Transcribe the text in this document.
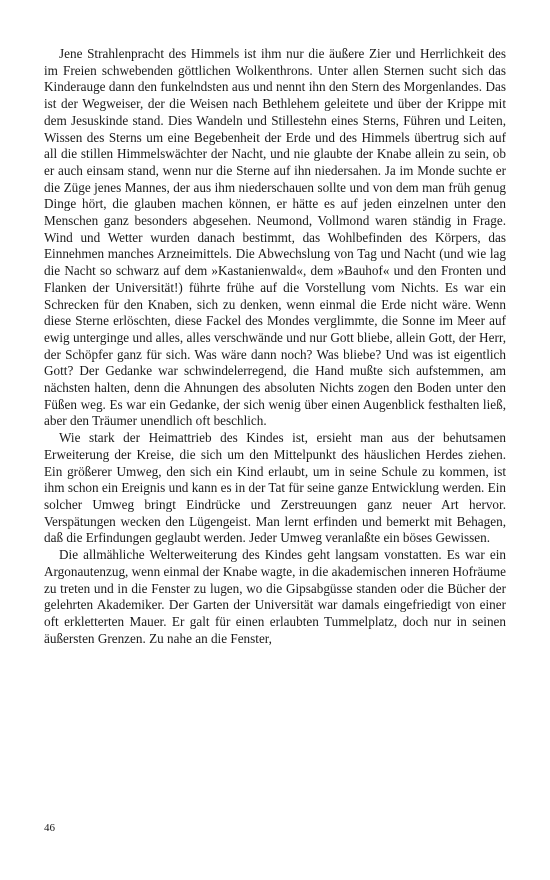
Jene Strahlenpracht des Himmels ist ihm nur die äußere Zier und Herrlichkeit des im Freien schwebenden göttlichen Wolkenthrons. Unter allen Sternen sucht sich das Kinderauge dann den funkelndsten aus und nennt ihn den Stern des Morgenlandes. Das ist der Wegweiser, der die Weisen nach Bethlehem geleitete und über der Krippe mit dem Jesuskinde stand. Dies Wandeln und Stillestehn eines Sterns, Führen und Leiten, Wissen des Sterns um eine Begebenheit der Erde und des Himmels übertrug sich auf all die stillen Himmelswächter der Nacht, und nie glaubte der Knabe allein zu sein, ob er auch einsam stand, wenn nur die Sterne auf ihn niedersahen. Ja im Monde suchte er die Züge jenes Mannes, der aus ihm niederschauen sollte und von dem man früh genug Dinge hört, die glauben machen können, er hätte es auf jeden einzelnen unter den Menschen ganz besonders abgesehen. Neumond, Vollmond waren ständig in Frage. Wind und Wetter wurden danach bestimmt, das Wohlbefinden des Körpers, das Einnehmen manches Arzneimittels. Die Abwechslung von Tag und Nacht (und wie lag die Nacht so schwarz auf dem »Kastanienwald«, dem »Bauhof« und den Fronten und Flanken der Universität!) führte frühe auf die Vorstellung vom Nichts. Es war ein Schrecken für den Knaben, sich zu denken, wenn einmal die Erde nicht wäre. Wenn diese Sterne erlöschten, diese Fackel des Mondes verglimmte, die Sonne im Meer auf ewig unterginge und alles, alles verschwände und nur Gott bliebe, allein Gott, der Herr, der Schöpfer ganz für sich. Was wäre dann noch? Was bliebe? Und was ist eigentlich Gott? Der Gedanke war schwindelerregend, die Hand mußte sich aufstemmen, am nächsten halten, denn die Ahnungen des absoluten Nichts zogen den Boden unter den Füßen weg. Es war ein Gedanke, der sich wenig über einen Augenblick festhalten ließ, aber den Träumer unendlich oft beschlich.

Wie stark der Heimattrieb des Kindes ist, ersieht man aus der behutsamen Erweiterung der Kreise, die sich um den Mittelpunkt des häuslichen Herdes ziehen. Ein größerer Umweg, den sich ein Kind erlaubt, um in seine Schule zu kommen, ist ihm schon ein Ereignis und kann es in der Tat für seine ganze Entwicklung werden. Ein solcher Umweg bringt Eindrücke und Zerstreuungen ganz neuer Art hervor. Verspätungen wecken den Lügengeist. Man lernt erfinden und bemerkt mit Behagen, daß die Erfindungen geglaubt werden. Jeder Umweg veranlaßte ein böses Gewissen.

Die allmähliche Welterweiterung des Kindes geht langsam vonstatten. Es war ein Argonautenzug, wenn einmal der Knabe wagte, in die akademischen inneren Hofräume zu treten und in die Fenster zu lugen, wo die Gipsabgüsse standen oder die Bücher der gelehrten Akademiker. Der Garten der Universität war damals eingefriedigt von einer oft erkletterten Mauer. Er galt für einen erlaubten Tummelplatz, doch nur in seinen äußersten Grenzen. Zu nahe an die Fenster,

46
